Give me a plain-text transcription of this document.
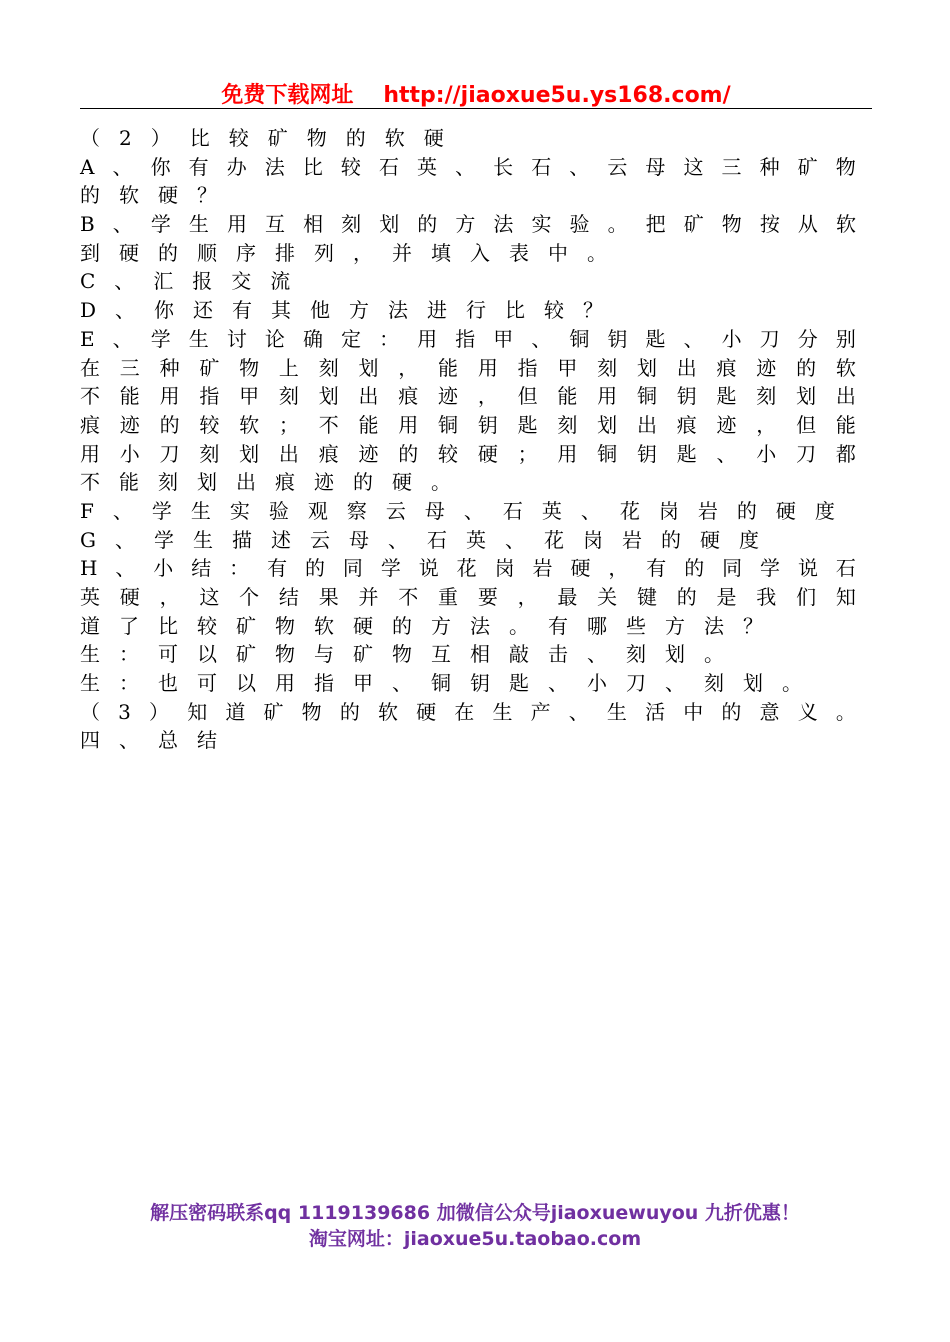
免费下载网址 http://jiaoxue5u.ys168.com/
（2）比较矿物的软硬
A 、 你 有 办 法 比 较 石 英 、 长 石 、 云 母 这 三 种 矿 物
的软硬？
B 、 学 生 用 互 相 刻 划 的 方 法 实 验 。 把 矿 物 按 从 软
到硬的顺序排列，并填入表中。
C、汇报交流
D、你还有其他方法进行比较？
E 、 学 生 讨 论 确 定 ： 用 指 甲 、 铜 钥 匙 、 小 刀 分 别
在 三 种 矿 物 上 刻 划 ， 能 用 指 甲 刻 划 出 痕 迹 的 软
不 能 用 指 甲 刻 划 出 痕 迹 ， 但 能 用 铜 钥 匙 刻 划 出
痕 迹 的 较 软 ； 不 能 用 铜 钥 匙 刻 划 出 痕 迹 ， 但 能
用 小 刀 刻 划 出 痕 迹 的 较 硬 ； 用 铜 钥 匙 、 小 刀 都
不能刻划出痕迹的硬。
F、学生实验观察云母、石英、花岗岩的硬度
G、学生描述云母、石英、花岗岩的硬度
H 、 小 结 ： 有 的 同 学 说 花 岗 岩 硬 ， 有 的 同 学 说 石
英 硬 ， 这 个 结 果 并 不 重 要 ， 最 关 键 的 是 我 们 知
道了比较矿物软硬的方法。有哪些方法？
生：可以矿物与矿物互相敲击、刻划。
生：也可以用指甲、铜钥匙、小刀、刻划。
（ 3 ） 知 道 矿 物 的 软 硬 在 生 产 、 生 活 中 的 意 义 。
四、总结
解压密码联系qq 1119139686 加微信公众号jiaoxuewuyou 九折优惠！
淘宝网址：jiaoxue5u.taobao.com
